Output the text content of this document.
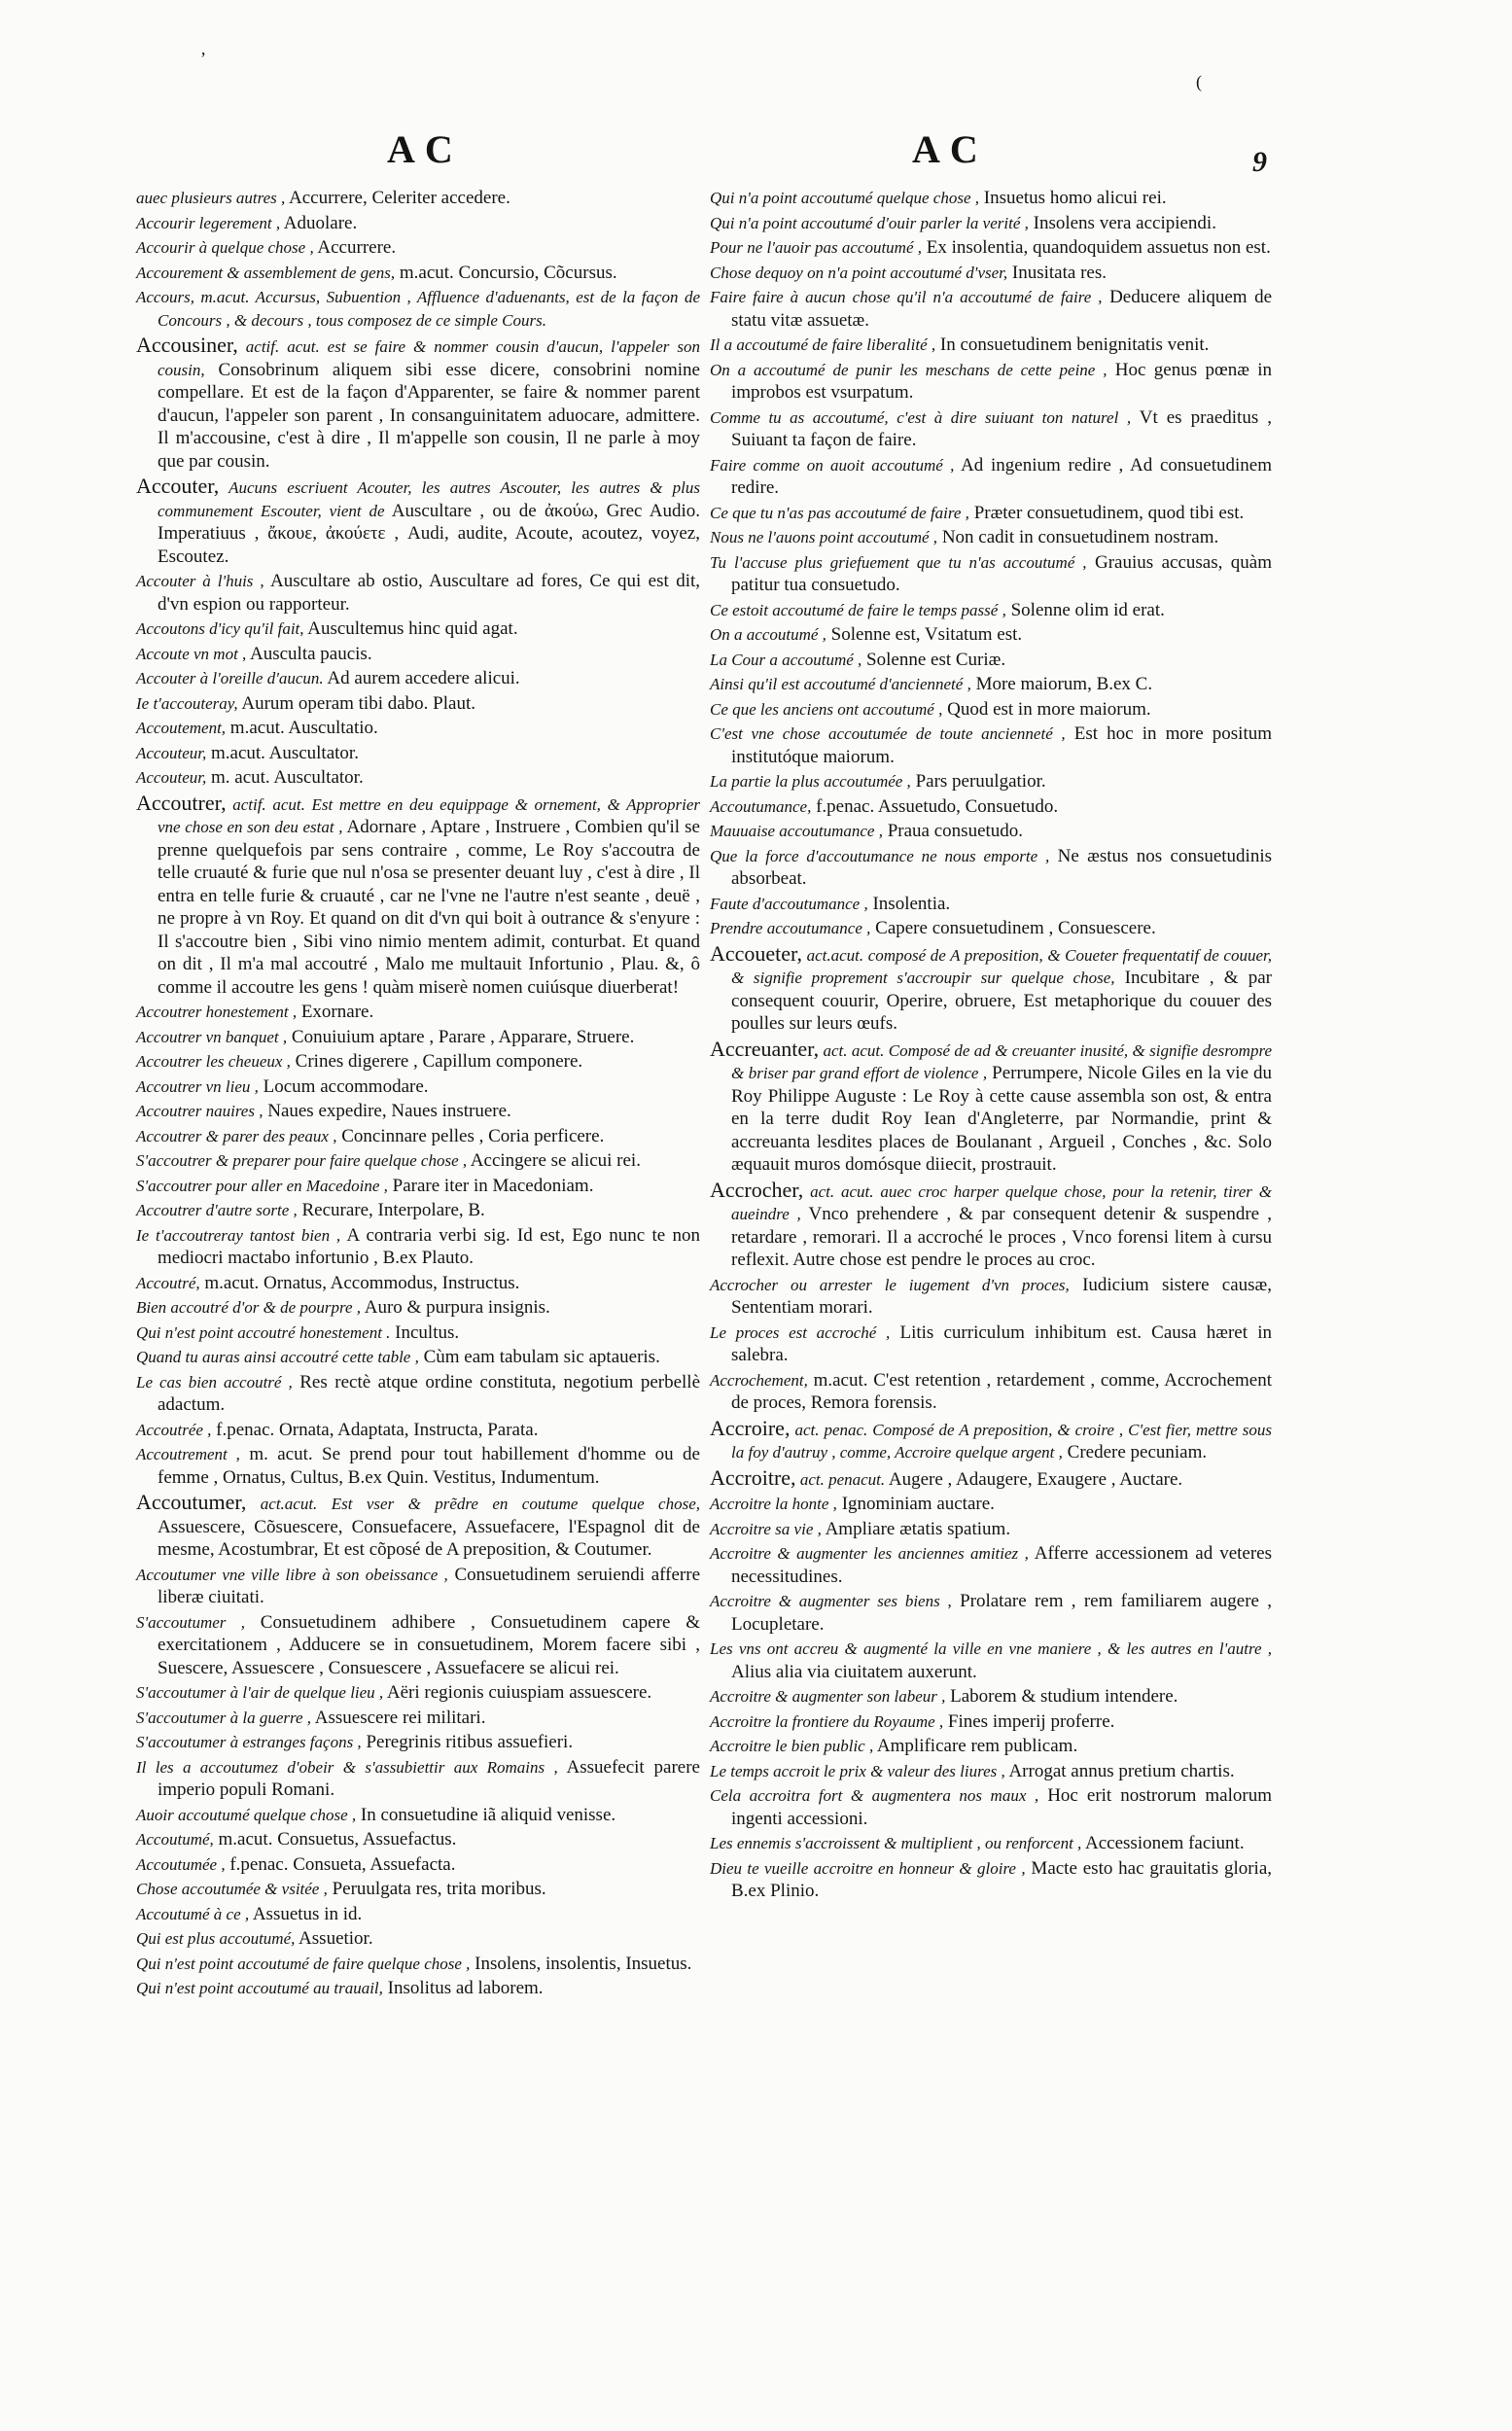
ʼ
(
AC	AC	9

auec plusieurs autres , Accurrere, Celeriter accedere.

Accourir legerement , Aduolare.

Accourir à quelque chose , Accurrere.

Accourement & assemblement de gens, m.acut. Concursio, Cõcursus.

Accours, m.acut. Accursus, Subuention , Affluence d'aduenants, est de la façon de Concours , & decours , tous composez de ce simple Cours.

Accousiner, actif. acut. est se faire & nommer cousin d'aucun, l'appeler son cousin, Consobrinum aliquem sibi esse dicere, consobrini nomine compellare. Et est de la façon d'Apparenter, se faire & nommer parent d'aucun, l'appeler son parent , In consanguinitatem aduocare, admittere. Il m'accousine, c'est à dire , Il m'appelle son cousin, Il ne parle à moy que par cousin.

Accouter, Aucuns escriuent Acouter, les autres Ascouter, les autres & plus communement Escouter, vient de Auscultare , ou de ἀκούω, Grec Audio. Imperatiuus , ἄκουε, ἀκούετε , Audi, audite, Acoute, acoutez, voyez, Escoutez.

Accouter à l'huis , Auscultare ab ostio, Auscultare ad fores, Ce qui est dit, d'vn espion ou rapporteur.

Accoutons d'icy qu'il fait, Auscultemus hinc quid agat.

Accoute vn mot , Ausculta paucis.

Accouter à l'oreille d'aucun. Ad aurem accedere alicui.

Ie t'accouteray, Aurum operam tibi dabo. Plaut.

Accoutement, m.acut. Auscultatio.

Accouteur, m.acut. Auscultator.

Accouteur, m. acut. Auscultator.

Accoutrer, actif. acut. Est mettre en deu equippage & ornement, & Approprier vne chose en son deu estat , Adornare , Aptare , Instruere , Combien qu'il se prenne quelquefois par sens contraire , comme, Le Roy s'accoutra de telle cruauté & furie que nul n'osa se presenter deuant luy , c'est à dire , Il entra en telle furie & cruauté , car ne l'vne ne l'autre n'est seante , deuë , ne propre à vn Roy. Et quand on dit d'vn qui boit à outrance & s'enyure : Il s'accoutre bien , Sibi vino nimio mentem adimit, conturbat. Et quand on dit , Il m'a mal accoutré , Malo me multauit Infortunio , Plau. &, ô comme il accoutre les gens ! quàm miserè nomen cuiúsque diuerberat!

Accoutrer honestement , Exornare.

Accoutrer vn banquet , Conuiuium aptare , Parare , Apparare, Struere.

Accoutrer les cheueux , Crines digerere , Capillum componere.

Accoutrer vn lieu , Locum accommodare.

Accoutrer nauires , Naues expedire, Naues instruere.

Accoutrer & parer des peaux , Concinnare pelles , Coria perficere.

S'accoutrer & preparer pour faire quelque chose , Accingere se alicui rei.

S'accoutrer pour aller en Macedoine , Parare iter in Macedoniam.

Accoutrer d'autre sorte , Recurare, Interpolare, B.

Ie t'accoutreray tantost bien , A contraria verbi sig. Id est, Ego nunc te non mediocri mactabo infortunio , B.ex Plauto.

Accoutré, m.acut. Ornatus, Accommodus, Instructus.

Bien accoutré d'or & de pourpre , Auro & purpura insignis.

Qui n'est point accoutré honestement . Incultus.

Quand tu auras ainsi accoutré cette table , Cùm eam tabulam sic aptaueris.

Le cas bien accoutré , Res rectè atque ordine constituta, negotium perbellè adactum.

Accoutrée , f.penac. Ornata, Adaptata, Instructa, Parata.

Accoutrement , m. acut. Se prend pour tout habillement d'homme ou de femme , Ornatus, Cultus, B.ex Quin. Vestitus, Indumentum.

Accoutumer, act.acut. Est vser & prẽdre en coutume quelque chose, Assuescere, Cõsuescere, Consuefacere, Assuefacere, l'Espagnol dit de mesme, Acostumbrar, Et est cõposé de A preposition, & Coutumer.

Accoutumer vne ville libre à son obeissance , Consuetudinem seruiendi afferre liberæ ciuitati.

S'accoutumer , Consuetudinem adhibere , Consuetudinem capere & exercitationem , Adducere se in consuetudinem, Morem facere sibi , Suescere, Assuescere , Consuescere , Assuefacere se alicui rei.

S'accoutumer à l'air de quelque lieu , Aëri regionis cuiuspiam assuescere.

S'accoutumer à la guerre , Assuescere rei militari.

S'accoutumer à estranges façons , Peregrinis ritibus assuefieri.

Il les a accoutumez d'obeir & s'assubiettir aux Romains , Assuefecit parere imperio populi Romani.

Auoir accoutumé quelque chose , In consuetudine iã aliquid venisse.

Accoutumé, m.acut. Consuetus, Assuefactus.

Accoutumée , f.penac. Consueta, Assuefacta.

Chose accoutumée & vsitée , Peruulgata res, trita moribus.

Accoutumé à ce , Assuetus in id.

Qui est plus accoutumé, Assuetior.

Qui n'est point accoutumé de faire quelque chose , Insolens, insolentis, Insuetus.

Qui n'est point accoutumé au trauail, Insolitus ad laborem.

Qui n'a point accoutumé quelque chose , Insuetus homo alicui rei.

Qui n'a point accoutumé d'ouir parler la verité , Insolens vera accipiendi.

Pour ne l'auoir pas accoutumé , Ex insolentia, quandoquidem assuetus non est.

Chose dequoy on n'a point accoutumé d'vser, Inusitata res.

Faire faire à aucun chose qu'il n'a accoutumé de faire , Deducere aliquem de statu vitæ assuetæ.

Il a accoutumé de faire liberalité , In consuetudinem benignitatis venit.

On a accoutumé de punir les meschans de cette peine , Hoc genus pœnæ in improbos est vsurpatum.

Comme tu as accoutumé, c'est à dire suiuant ton naturel , Vt es praeditus , Suiuant ta façon de faire.

Faire comme on auoit accoutumé , Ad ingenium redire , Ad consuetudinem redire.

Ce que tu n'as pas accoutumé de faire , Præter consuetudinem, quod tibi est.

Nous ne l'auons point accoutumé , Non cadit in consuetudinem nostram.

Tu l'accuse plus griefuement que tu n'as accoutumé , Grauius accusas, quàm patitur tua consuetudo.

Ce estoit accoutumé de faire le temps passé , Solenne olim id erat.

On a accoutumé , Solenne est, Vsitatum est.

La Cour a accoutumé , Solenne est Curiæ.

Ainsi qu'il est accoutumé d'ancienneté , More maiorum, B.ex C.

Ce que les anciens ont accoutumé , Quod est in more maiorum.

C'est vne chose accoutumée de toute ancienneté , Est hoc in more positum institutóque maiorum.

La partie la plus accoutumée , Pars peruulgatior.

Accoutumance, f.penac. Assuetudo, Consuetudo.

Mauuaise accoutumance , Praua consuetudo.

Que la force d'accoutumance ne nous emporte , Ne æstus nos consuetudinis absorbeat.

Faute d'accoutumance , Insolentia.

Prendre accoutumance , Capere consuetudinem , Consuescere.

Accoueter, act.acut. composé de A preposition, & Coueter frequentatif de couuer, & signifie proprement s'accroupir sur quelque chose, Incubitare , & par consequent couurir, Operire, obruere, Est metaphorique du couuer des poulles sur leurs œufs.

Accreuanter, act. acut. Composé de ad & creuanter inusité, & signifie desrompre & briser par grand effort de violence , Perrumpere, Nicole Giles en la vie du Roy Philippe Auguste : Le Roy à cette cause assembla son ost, & entra en la terre dudit Roy Iean d'Angleterre, par Normandie, print & accreuanta lesdites places de Boulanant , Argueil , Conches , &c. Solo æquauit muros domósque diiecit, prostrauit.

Accrocher, act. acut. auec croc harper quelque chose, pour la retenir, tirer & aueindre , Vnco prehendere , & par consequent detenir & suspendre , retardare , remorari. Il a accroché le proces , Vnco forensi litem à cursu reflexit. Autre chose est pendre le proces au croc.

Accrocher ou arrester le iugement d'vn proces, Iudicium sistere causæ, Sententiam morari.

Le proces est accroché , Litis curriculum inhibitum est. Causa hæret in salebra.

Accrochement, m.acut. C'est retention , retardement , comme, Accrochement de proces, Remora forensis.

Accroire, act. penac. Composé de A preposition, & croire , C'est fier, mettre sous la foy d'autruy , comme, Accroire quelque argent , Credere pecuniam.

Accroitre, act. penacut. Augere , Adaugere, Exaugere , Auctare.

Accroitre la honte , Ignominiam auctare.

Accroitre sa vie , Ampliare ætatis spatium.

Accroitre & augmenter les anciennes amitiez , Afferre accessionem ad veteres necessitudines.

Accroitre & augmenter ses biens , Prolatare rem , rem familiarem augere , Locupletare.

Les vns ont accreu & augmenté la ville en vne maniere , & les autres en l'autre , Alius alia via ciuitatem auxerunt.

Accroitre & augmenter son labeur , Laborem & studium intendere.

Accroitre la frontiere du Royaume , Fines imperij proferre.

Accroitre le bien public , Amplificare rem publicam.

Le temps accroit le prix & valeur des liures , Arrogat annus pretium chartis.

Cela accroitra fort & augmentera nos maux , Hoc erit nostrorum malorum ingenti accessioni.

Les ennemis s'accroissent & multiplient , ou renforcent , Accessionem faciunt.

Dieu te vueille accroitre en honneur & gloire , Macte esto hac grauitatis gloria, B.ex Plinio.
